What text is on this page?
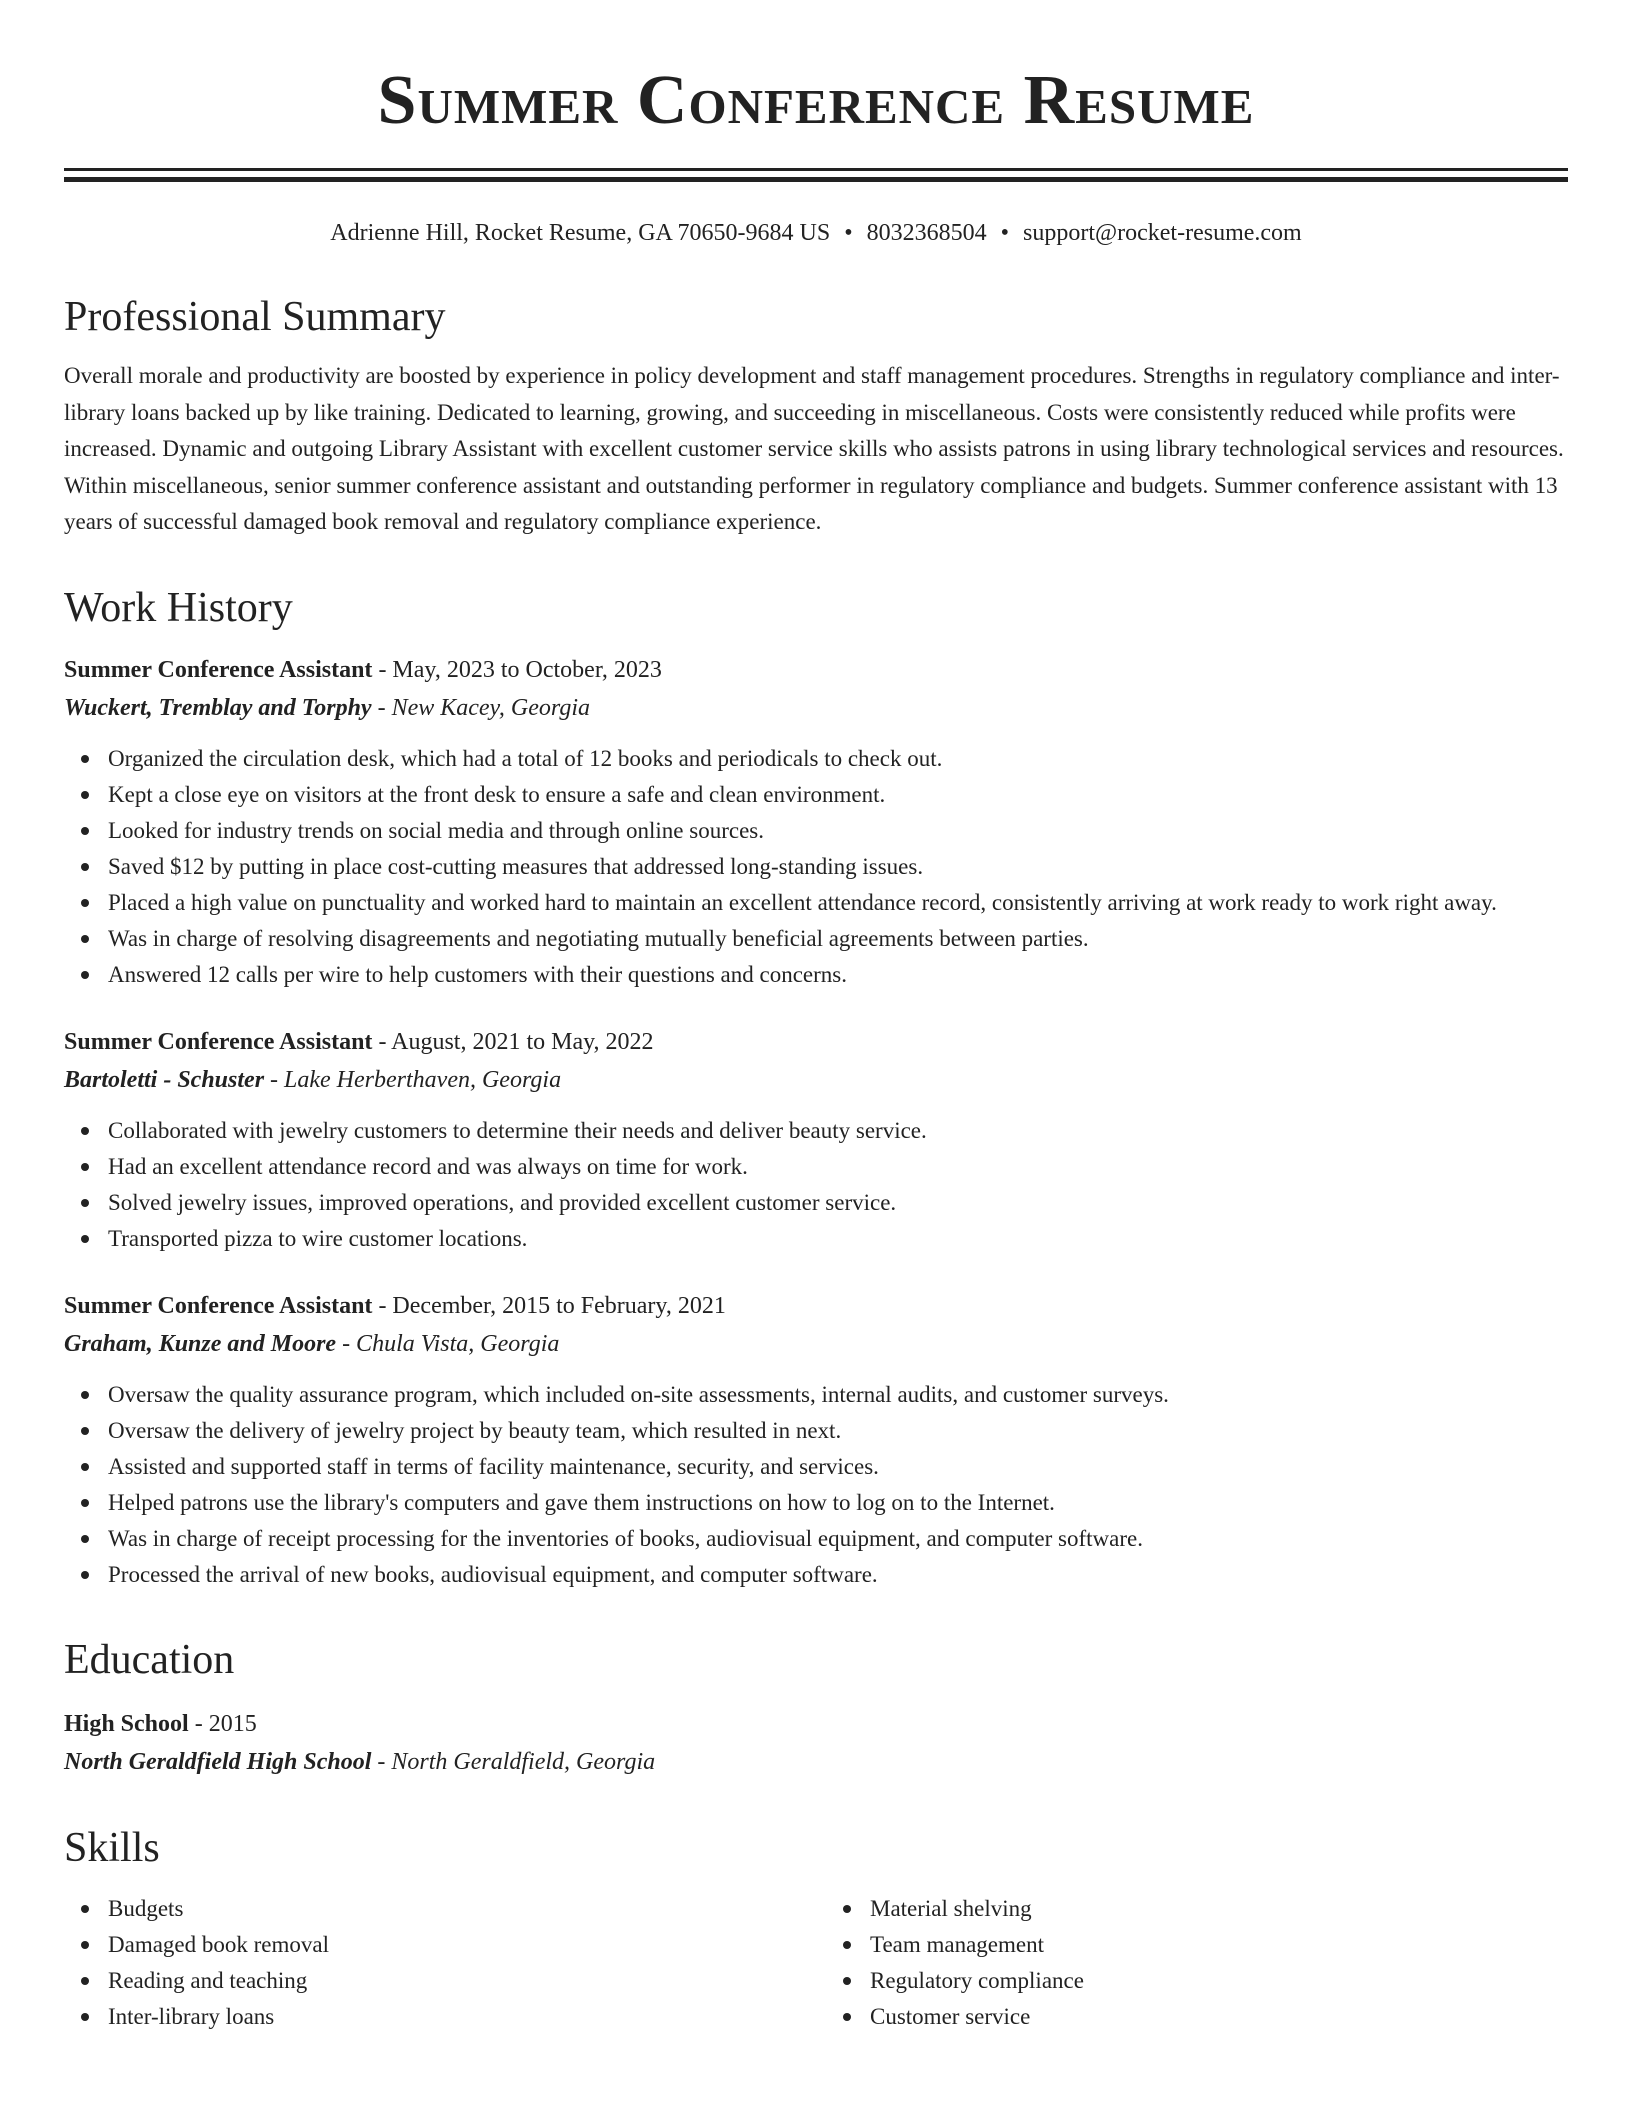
Summer Conference Resume
Adrienne Hill, Rocket Resume, GA 70650-9684 US • 8032368504 • support@rocket-resume.com
Professional Summary

Overall morale and productivity are boosted by experience in policy development and staff management procedures. Strengths in regulatory compliance and inter-library loans backed up by like training. Dedicated to learning, growing, and succeeding in miscellaneous. Costs were consistently reduced while profits were increased. Dynamic and outgoing Library Assistant with excellent customer service skills who assists patrons in using library technological services and resources. Within miscellaneous, senior summer conference assistant and outstanding performer in regulatory compliance and budgets. Summer conference assistant with 13 years of successful damaged book removal and regulatory compliance experience.

Work History
Summer Conference Assistant - May, 2023 to October, 2023
Wuckert, Tremblay and Torphy - New Kacey, Georgia
Organized the circulation desk, which had a total of 12 books and periodicals to check out.
Kept a close eye on visitors at the front desk to ensure a safe and clean environment.
Looked for industry trends on social media and through online sources.
Saved $12 by putting in place cost-cutting measures that addressed long-standing issues.
Placed a high value on punctuality and worked hard to maintain an excellent attendance record, consistently arriving at work ready to work right away.
Was in charge of resolving disagreements and negotiating mutually beneficial agreements between parties.
Answered 12 calls per wire to help customers with their questions and concerns.
Summer Conference Assistant - August, 2021 to May, 2022
Bartoletti - Schuster - Lake Herberthaven, Georgia
Collaborated with jewelry customers to determine their needs and deliver beauty service.
Had an excellent attendance record and was always on time for work.
Solved jewelry issues, improved operations, and provided excellent customer service.
Transported pizza to wire customer locations.
Summer Conference Assistant - December, 2015 to February, 2021
Graham, Kunze and Moore - Chula Vista, Georgia
Oversaw the quality assurance program, which included on-site assessments, internal audits, and customer surveys.
Oversaw the delivery of jewelry project by beauty team, which resulted in next.
Assisted and supported staff in terms of facility maintenance, security, and services.
Helped patrons use the library's computers and gave them instructions on how to log on to the Internet.
Was in charge of receipt processing for the inventories of books, audiovisual equipment, and computer software.
Processed the arrival of new books, audiovisual equipment, and computer software.
Education
High School - 2015
North Geraldfield High School - North Geraldfield, Georgia
Skills
Budgets
Damaged book removal
Reading and teaching
Inter-library loans
Material shelving
Team management
Regulatory compliance
Customer service
